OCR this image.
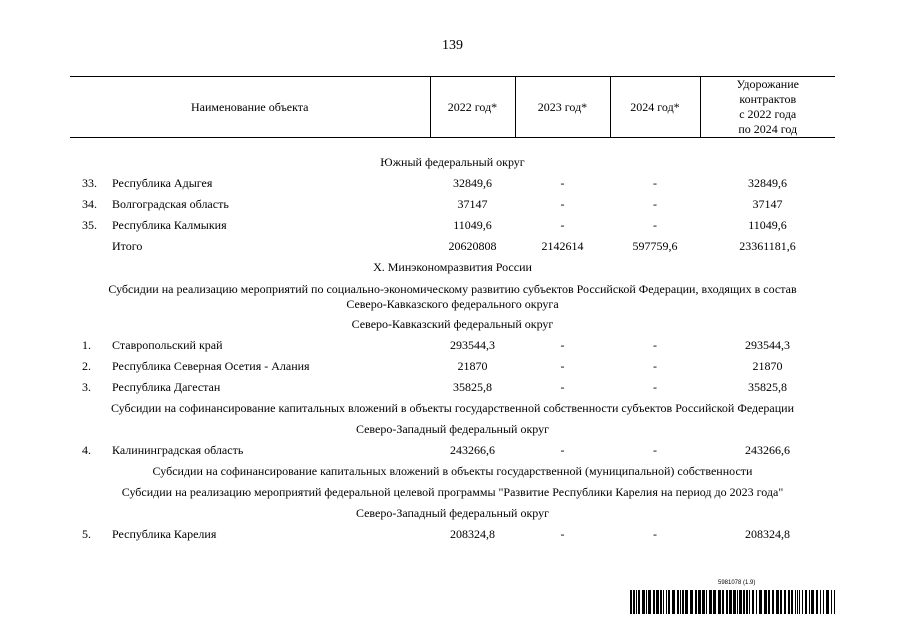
139
Наименование объекта		2022 год*	2023 год*	2024 год*	Удорожание
контрактов
с 2022 года
по 2024 год

Южный федеральный округ					
33.	Республика Адыгея	32849,6	-	-	32849,6
34.	Волгоградская область	37147	-	-	37147
35.	Республика Калмыкия	11049,6	-	-	11049,6
	Итого	20620808	2142614	597759,6	23361181,6
X. Минэкономразвития России					
Субсидии на реализацию мероприятий по социально-экономическому развитию субъектов Российской Федерации, входящих в состав
Северо-Кавказского федерального округа					
Северо-Кавказский федеральный округ					
1.	Ставропольский край	293544,3	-	-	293544,3
2.	Республика Северная Осетия - Алания	21870	-	-	21870
3.	Республика Дагестан	35825,8	-	-	35825,8
Субсидии на софинансирование капитальных вложений в объекты государственной собственности субъектов Российской Федерации					
Северо-Западный федеральный округ					
4.	Калининградская область	243266,6	-	-	243266,6
Субсидии на софинансирование капитальных вложений в объекты государственной (муниципальной) собственности					
Субсидии на реализацию мероприятий федеральной целевой программы "Развитие Республики Карелия на период до 2023 года"					
Северо-Западный федеральный округ					
5.	Республика Карелия	208324,8	-	-	208324,8
5981078 (1.9)
